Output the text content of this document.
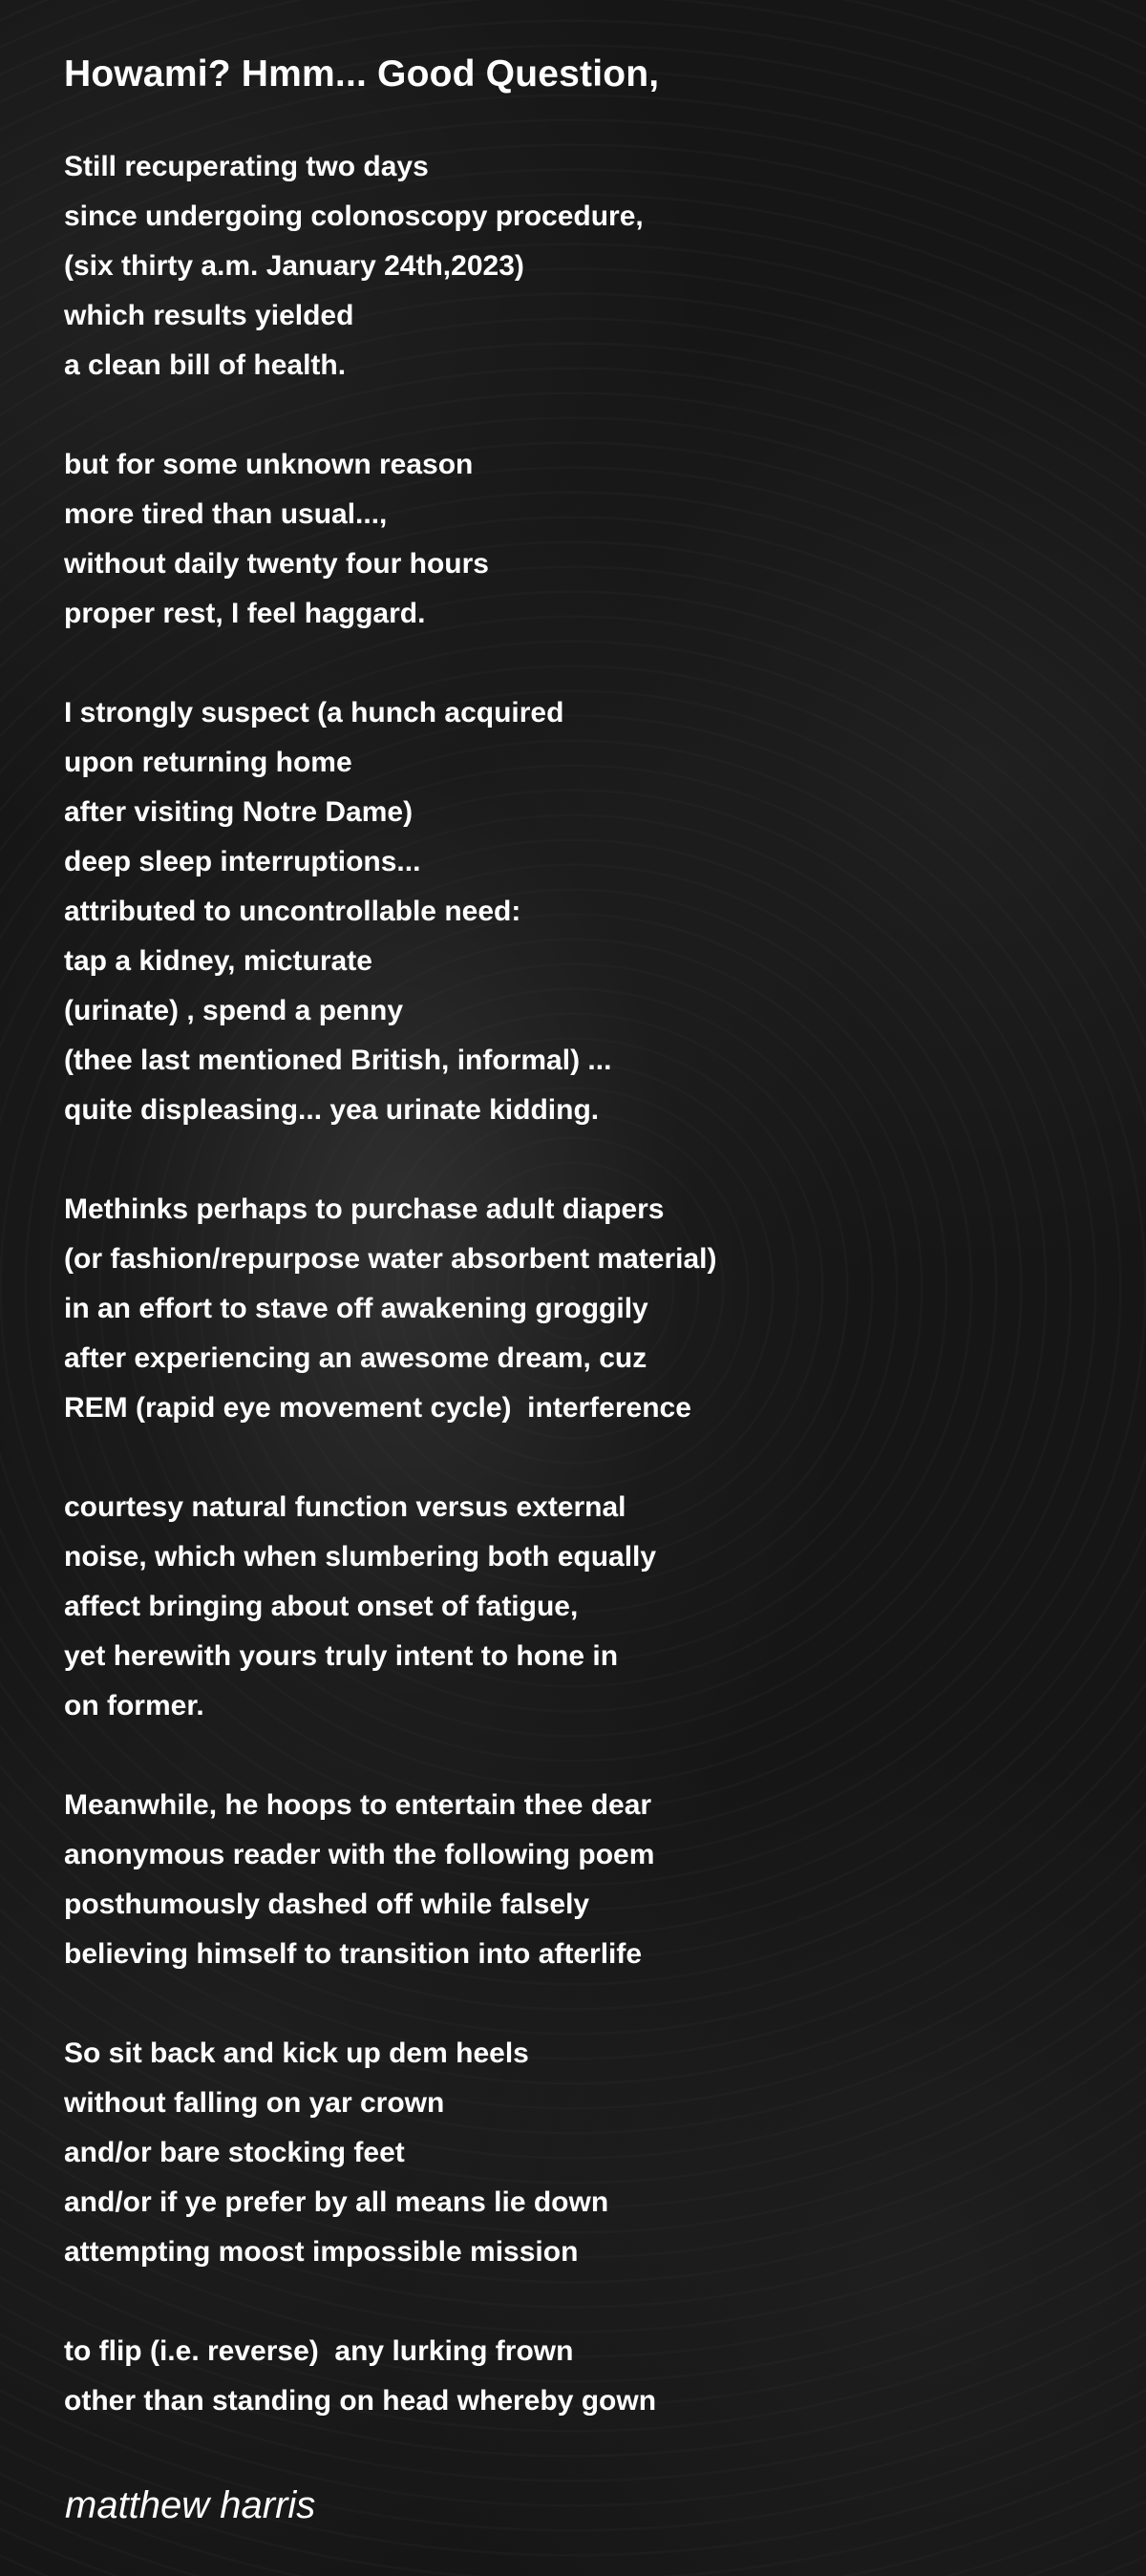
Howami? Hmm... Good Question,
Still recuperating two days
since undergoing colonoscopy procedure,
(six thirty a.m. January 24th,2023)
which results yielded
a clean bill of health.
but for some unknown reason
more tired than usual...,
without daily twenty four hours
proper rest, I feel haggard.
I strongly suspect (a hunch acquired
upon returning home
after visiting Notre Dame)
deep sleep interruptions...
attributed to uncontrollable need:
tap a kidney, micturate
(urinate) , spend a penny
(thee last mentioned British, informal) ...
quite displeasing... yea urinate kidding.
Methinks perhaps to purchase adult diapers
(or fashion/repurpose water absorbent material)
in an effort to stave off awakening groggily
after experiencing an awesome dream, cuz
REM (rapid eye movement cycle)  interference
courtesy natural function versus external
noise, which when slumbering both equally
affect bringing about onset of fatigue,
yet herewith yours truly intent to hone in
on former.
Meanwhile, he hoops to entertain thee dear
anonymous reader with the following poem
posthumously dashed off while falsely
believing himself to transition into afterlife
So sit back and kick up dem heels
without falling on yar crown
and/or bare stocking feet
and/or if ye prefer by all means lie down
attempting moost impossible mission
to flip (i.e. reverse)  any lurking frown
other than standing on head whereby gown
matthew harris
